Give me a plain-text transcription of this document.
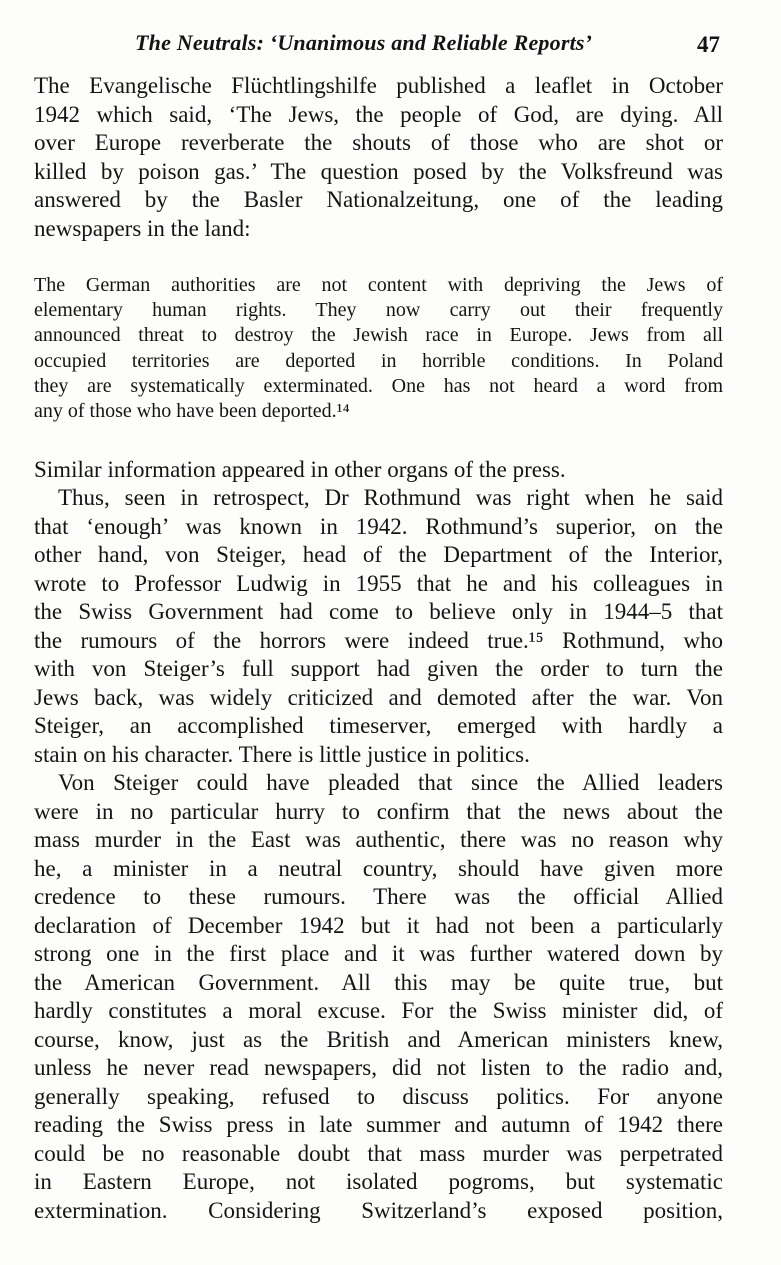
The Neutrals: ‘Unanimous and Reliable Reports’	47
The Evangelische Flüchtlingshilfe published a leaflet in October
1942 which said, ‘The Jews, the people of God, are dying. All
over Europe reverberate the shouts of those who are shot or
killed by poison gas.’ The question posed by the Volksfreund was
answered by the Basler Nationalzeitung, one of the leading
newspapers in the land:
The German authorities are not content with depriving the Jews of
elementary human rights. They now carry out their frequently
announced threat to destroy the Jewish race in Europe. Jews from all
occupied territories are deported in horrible conditions. In Poland
they are systematically exterminated. One has not heard a word from
any of those who have been deported.¹⁴
Similar information appeared in other organs of the press.
Thus, seen in retrospect, Dr Rothmund was right when he said
that ‘enough’ was known in 1942. Rothmund’s superior, on the
other hand, von Steiger, head of the Department of the Interior,
wrote to Professor Ludwig in 1955 that he and his colleagues in
the Swiss Government had come to believe only in 1944–5 that
the rumours of the horrors were indeed true.¹⁵ Rothmund, who
with von Steiger’s full support had given the order to turn the
Jews back, was widely criticized and demoted after the war. Von
Steiger, an accomplished timeserver, emerged with hardly a
stain on his character. There is little justice in politics.
Von Steiger could have pleaded that since the Allied leaders
were in no particular hurry to confirm that the news about the
mass murder in the East was authentic, there was no reason why
he, a minister in a neutral country, should have given more
credence to these rumours. There was the official Allied
declaration of December 1942 but it had not been a particularly
strong one in the first place and it was further watered down by
the American Government. All this may be quite true, but
hardly constitutes a moral excuse. For the Swiss minister did, of
course, know, just as the British and American ministers knew,
unless he never read newspapers, did not listen to the radio and,
generally speaking, refused to discuss politics. For anyone
reading the Swiss press in late summer and autumn of 1942 there
could be no reasonable doubt that mass murder was perpetrated
in Eastern Europe, not isolated pogroms, but systematic
extermination. Considering Switzerland’s exposed position,
